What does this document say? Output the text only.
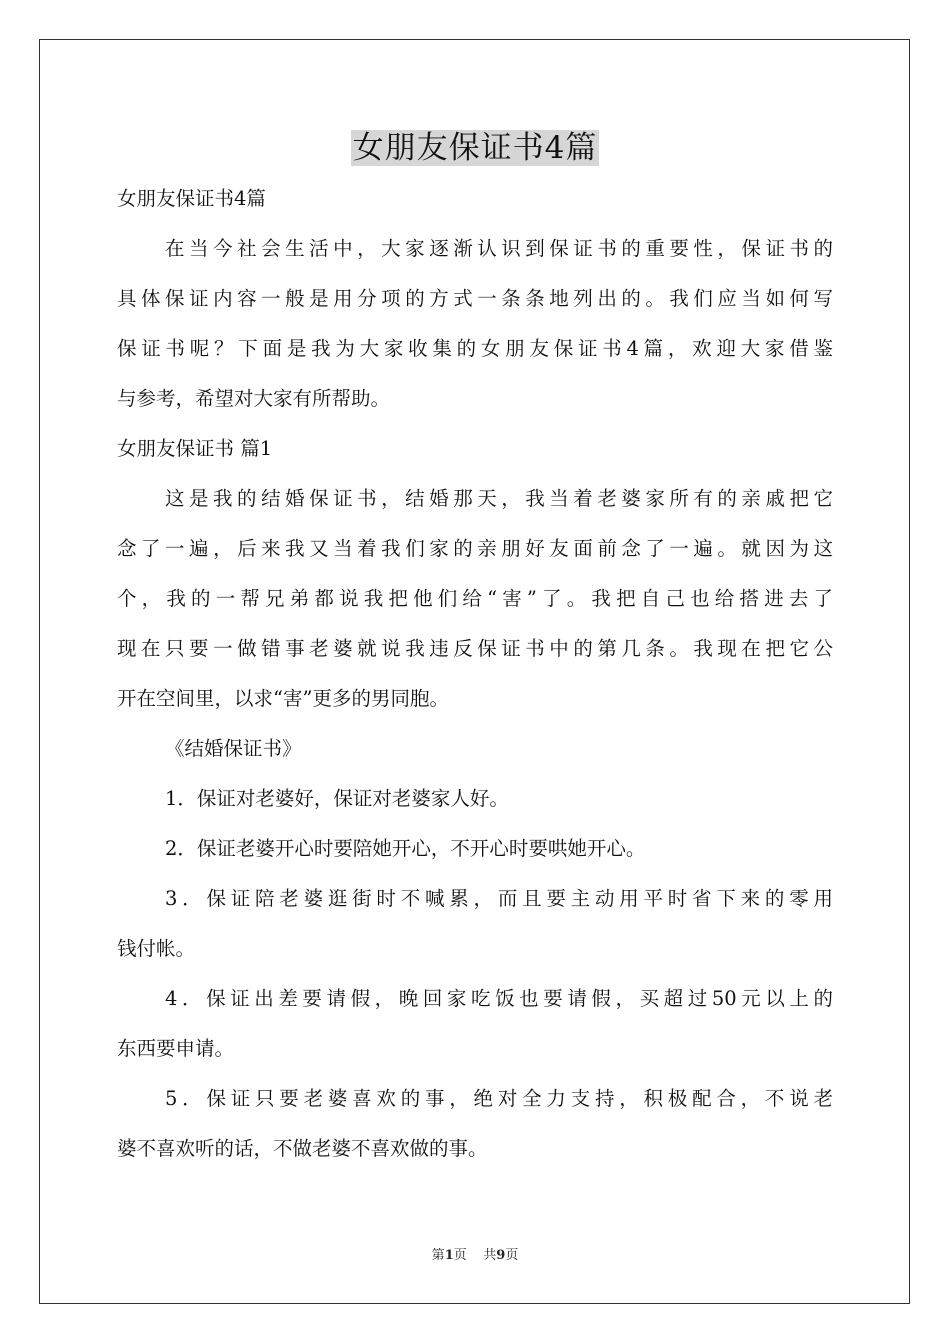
女朋友保证书4篇

女朋友保证书4篇

在当今社会生活中，大家逐渐认识到保证书的重要性，保证书的

具体保证内容一般是用分项的方式一条条地列出的。我们应当如何写

保证书呢？下面是我为大家收集的女朋友保证书4篇，欢迎大家借鉴

与参考，希望对大家有所帮助。

女朋友保证书 篇1

这是我的结婚保证书，结婚那天，我当着老婆家所有的亲戚把它

念了一遍，后来我又当着我们家的亲朋好友面前念了一遍。就因为这

个，我的一帮兄弟都说我把他们给“害”了。我把自己也给搭进去了

现在只要一做错事老婆就说我违反保证书中的第几条。我现在把它公

开在空间里，以求“害”更多的男同胞。

《结婚保证书》

1．保证对老婆好，保证对老婆家人好。

2．保证老婆开心时要陪她开心，不开心时要哄她开心。

3．保证陪老婆逛街时不喊累，而且要主动用平时省下来的零用

钱付帐。

4．保证出差要请假，晚回家吃饭也要请假，买超过50元以上的

东西要申请。

5．保证只要老婆喜欢的事，绝对全力支持，积极配合，不说老

婆不喜欢听的话，不做老婆不喜欢做的事。

第1页    共9页
